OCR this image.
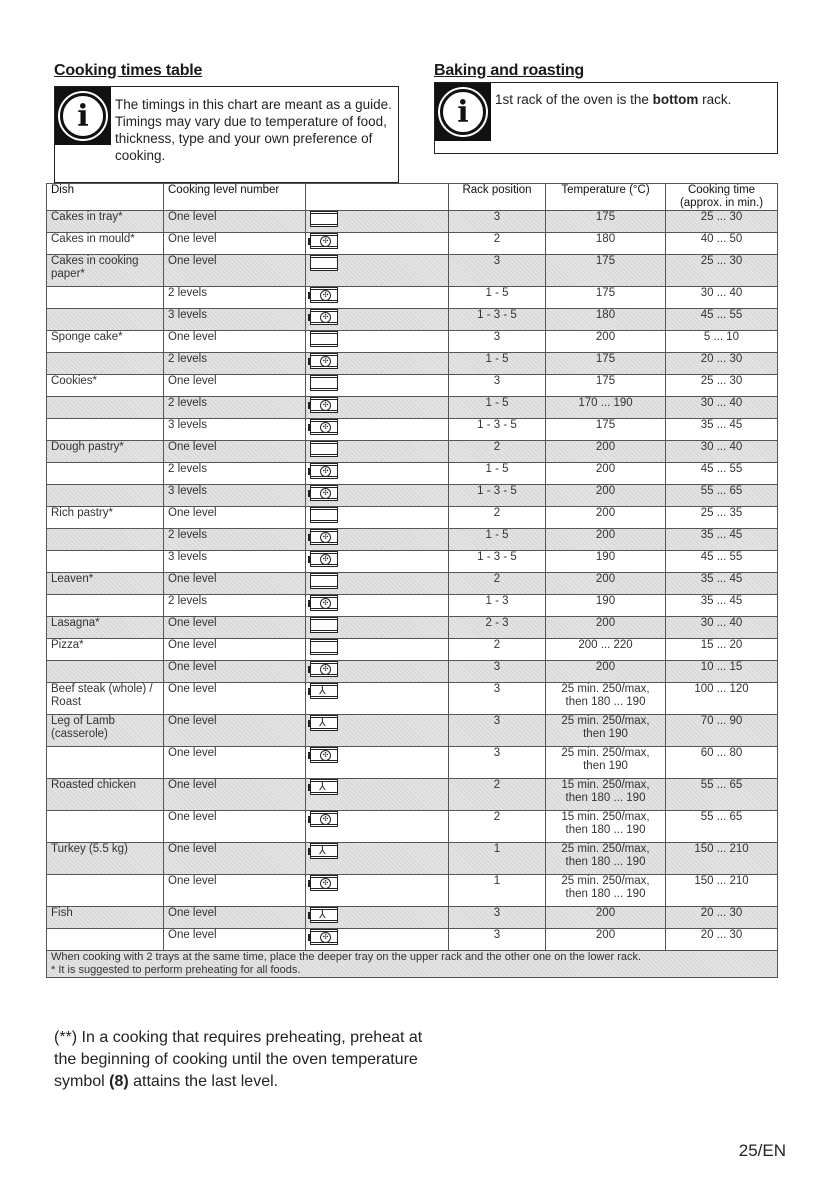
Cooking times table	Baking and roasting
i	The timings in this chart are meant as a guide. Timings may vary due to temperature of food, thickness, type and your own preference of cooking.
i	1st rack of the oven is the bottom rack.
Dish	Cooking level number		Rack position	Temperature (°C)	Cooking time (approx. in min.)
Cakes in tray*	One level		3	175	25 ... 30
Cakes in mould*	One level	✣	2	180	40 ... 50
Cakes in cooking paper*	One level		3	175	25 ... 30
	2 levels	✣	1 - 5	175	30 ... 40
	3 levels	✣	1 - 3 - 5	180	45 ... 55
Sponge cake*	One level		3	200	5 ... 10
	2 levels	✣	1 - 5	175	20 ... 30
Cookies*	One level		3	175	25 ... 30
	2 levels	✣	1 - 5	170 ... 190	30 ... 40
	3 levels	✣	1 - 3 - 5	175	35 ... 45
Dough pastry*	One level		2	200	30 ... 40
	2 levels	✣	1 - 5	200	45 ... 55
	3 levels	✣	1 - 3 - 5	200	55 ... 65
Rich pastry*	One level		2	200	25 ... 35
	2 levels	✣	1 - 5	200	35 ... 45
	3 levels	✣	1 - 3 - 5	190	45 ... 55
Leaven*	One level		2	200	35 ... 45
	2 levels	✣	1 - 3	190	35 ... 45
Lasagna*	One level		2 - 3	200	30 ... 40
Pizza*	One level		2	200 ... 220	15 ... 20
	One level	✣	3	200	10 ... 15
Beef steak (whole) / Roast	One level	⅄	3	25 min. 250/max, then 180 ... 190	100 ... 120
Leg of Lamb (casserole)	One level	⅄	3	25 min. 250/max, then 190	70 ... 90
	One level	✣	3	25 min. 250/max, then 190	60 ... 80
Roasted chicken	One level	⅄	2	15 min. 250/max, then 180 ... 190	55 ... 65
	One level	✣	2	15 min. 250/max, then 180 ... 190	55 ... 65
Turkey (5.5 kg)	One level	⅄	1	25 min. 250/max, then 180 ... 190	150 ... 210
	One level	✣	1	25 min. 250/max, then 180 ... 190	150 ... 210
Fish	One level	⅄	3	200	20 ... 30
	One level	✣	3	200	20 ... 30

When cooking with 2 trays at the same time, place the deeper tray on the upper rack and the other one on the lower rack.
* It is suggested to perform preheating for all foods.					
(**) In a cooking that requires preheating, preheat at the beginning of cooking until the oven temperature symbol (8) attains the last level.
25/EN
